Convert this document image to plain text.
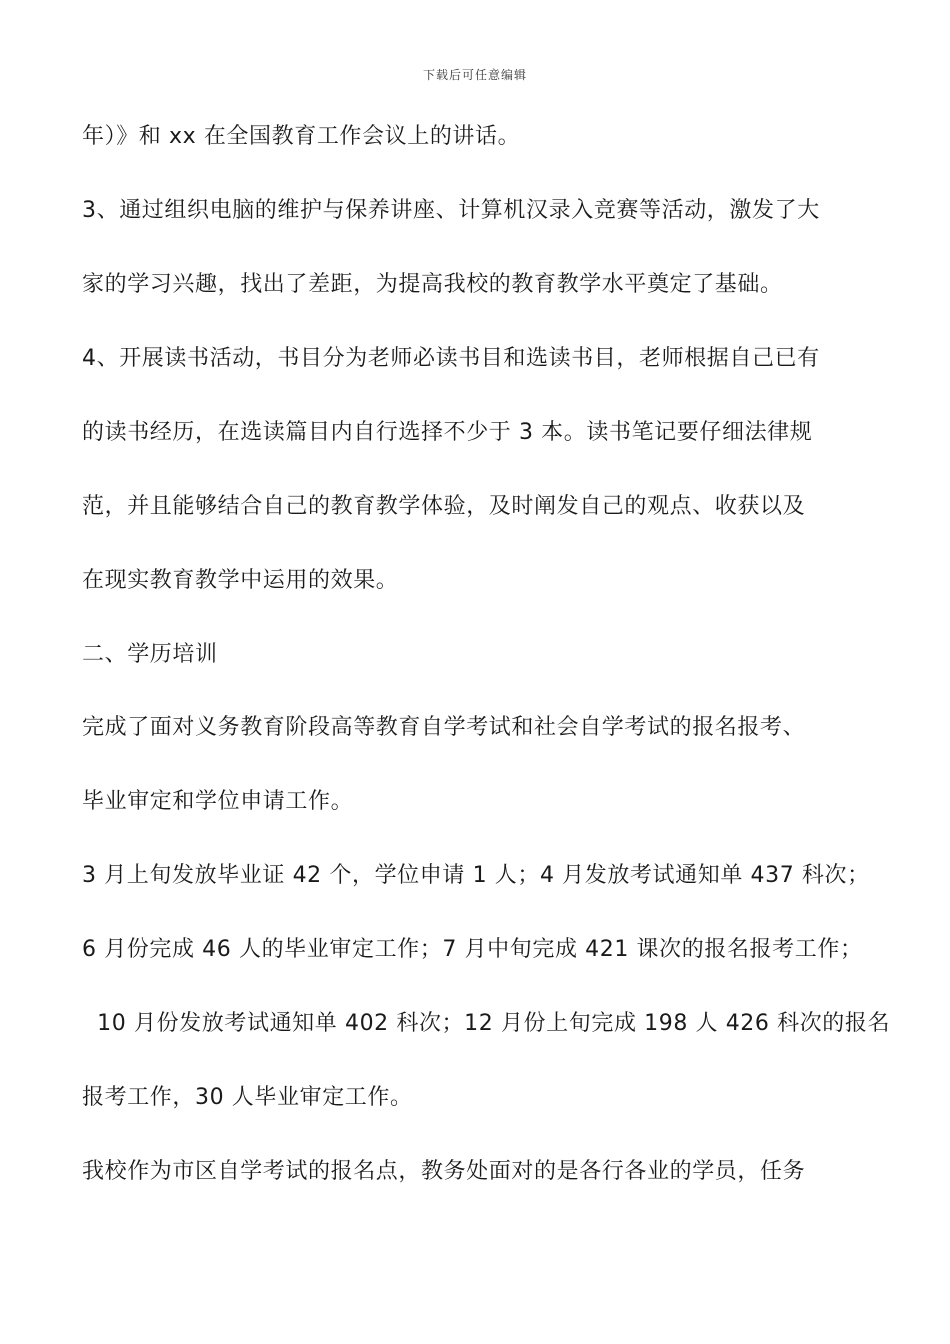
下载后可任意编辑
年）》和 xx 在全国教育工作会议上的讲话。
3、通过组织电脑的维护与保养讲座、计算机汉录入竞赛等活动，激发了大
家的学习兴趣，找出了差距，为提高我校的教育教学水平奠定了基础。
4、开展读书活动，书目分为老师必读书目和选读书目，老师根据自己已有
的读书经历，在选读篇目内自行选择不少于 3 本。读书笔记要仔细法律规
范，并且能够结合自己的教育教学体验，及时阐发自己的观点、收获以及
在现实教育教学中运用的效果。
二、学历培训
完成了面对义务教育阶段高等教育自学考试和社会自学考试的报名报考、
毕业审定和学位申请工作。
3 月上旬发放毕业证 42 个，学位申请 1 人；4 月发放考试通知单 437 科次；
6 月份完成 46 人的毕业审定工作；7 月中旬完成 421 课次的报名报考工作；
10 月份发放考试通知单 402 科次；12 月份上旬完成 198 人 426 科次的报名
报考工作，30 人毕业审定工作。
我校作为市区自学考试的报名点，教务处面对的是各行各业的学员，任务
